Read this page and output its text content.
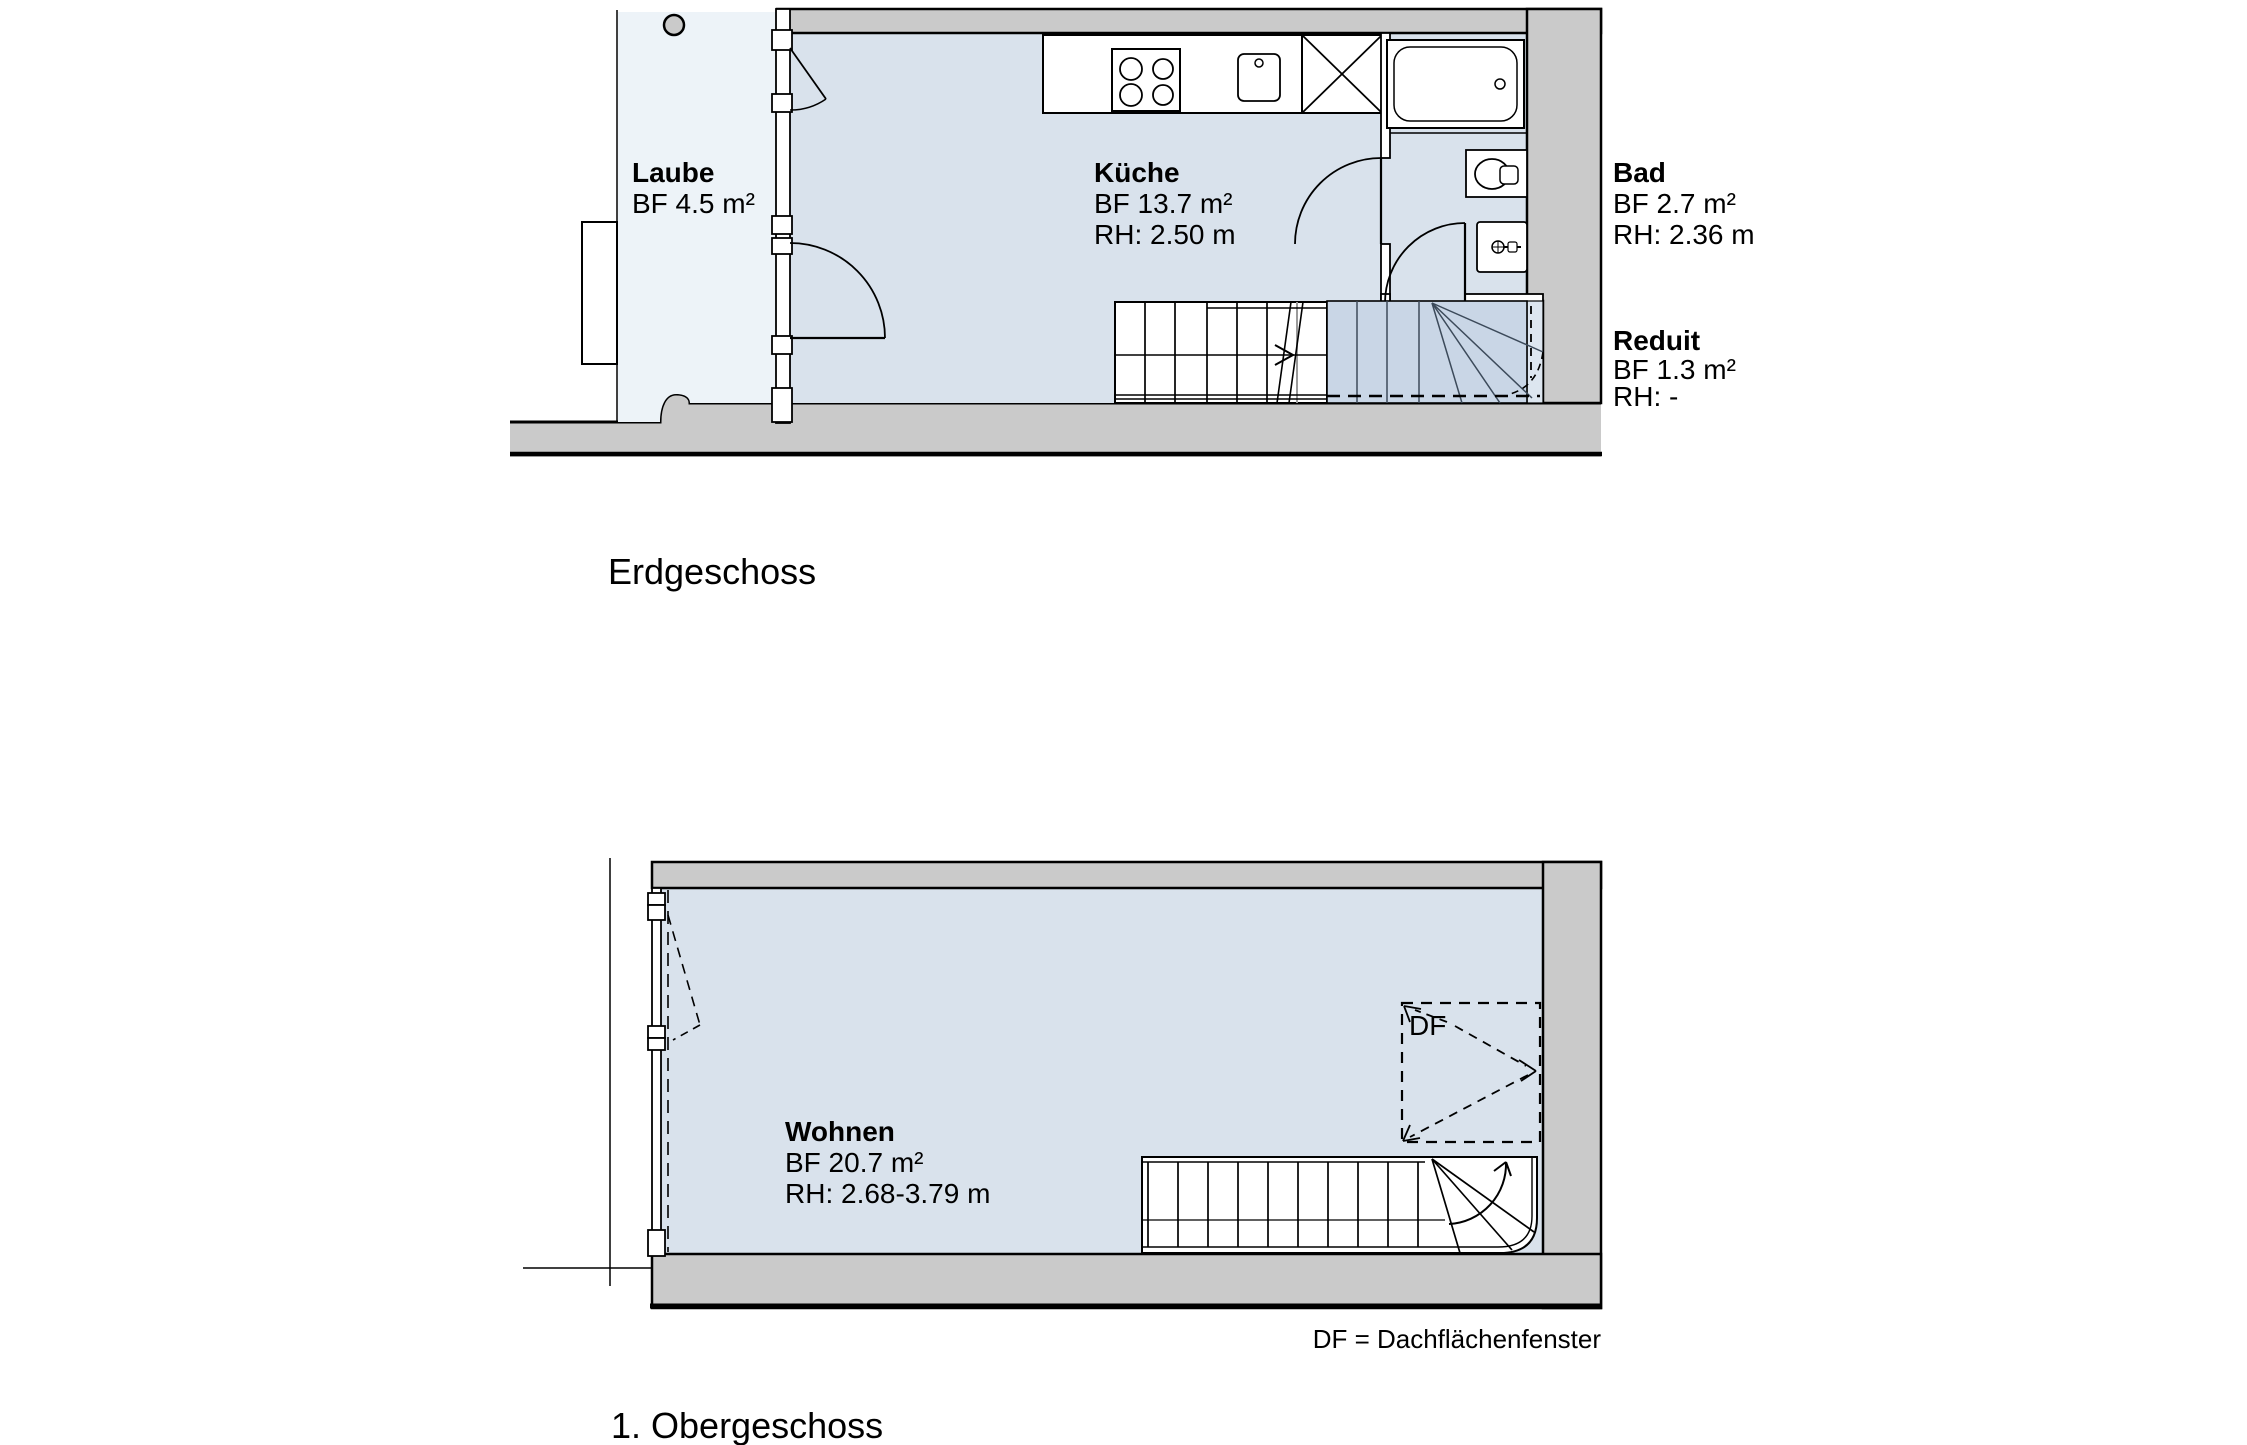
Laube
BF 4.5 m²
Küche
BF 13.7 m²
RH: 2.50 m
Bad
BF 2.7 m²
RH: 2.36 m
Reduit
BF 1.3 m²
RH: -
Erdgeschoss
Wohnen
BF 20.7 m²
RH: 2.68-3.79 m
DF
DF = Dachflächenfenster
1. Obergeschoss
